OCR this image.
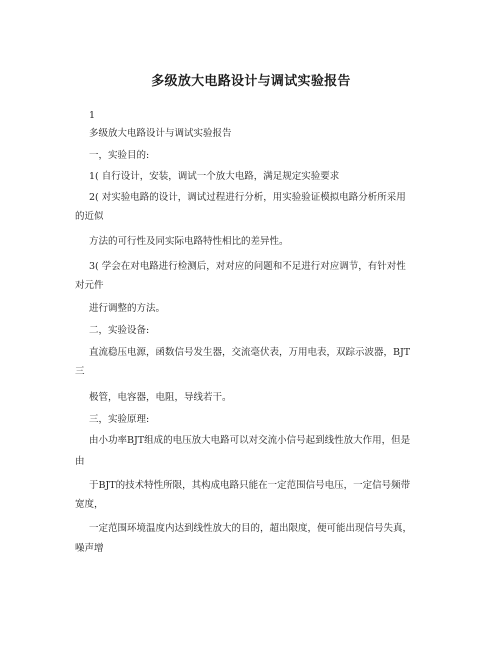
多级放大电路设计与调试实验报告
1
多级放大电路设计与调试实验报告
一，实验目的:
1( 自行设计，安装，调试一个放大电路，满足规定实验要求
2( 对实验电路的设计，调试过程进行分析，用实验验证模拟电路分析所采用
的近似
方法的可行性及同实际电路特性相比的差异性。
3( 学会在对电路进行检测后，对对应的问题和不足进行对应调节，有针对性
对元件
进行调整的方法。
二，实验设备:
直流稳压电源，函数信号发生器，交流毫伏表，万用电表，双踪示波器，BJT
三
极管，电容器，电阻，导线若干。
三，实验原理:
由小功率BJT组成的电压放大电路可以对交流小信号起到线性放大作用，但是
由
于BJT的技术特性所限，其构成电路只能在一定范围信号电压，一定信号频带
宽度，
一定范围环境温度内达到线性放大的目的，超出限度，便可能出现信号失真，
噪声增
